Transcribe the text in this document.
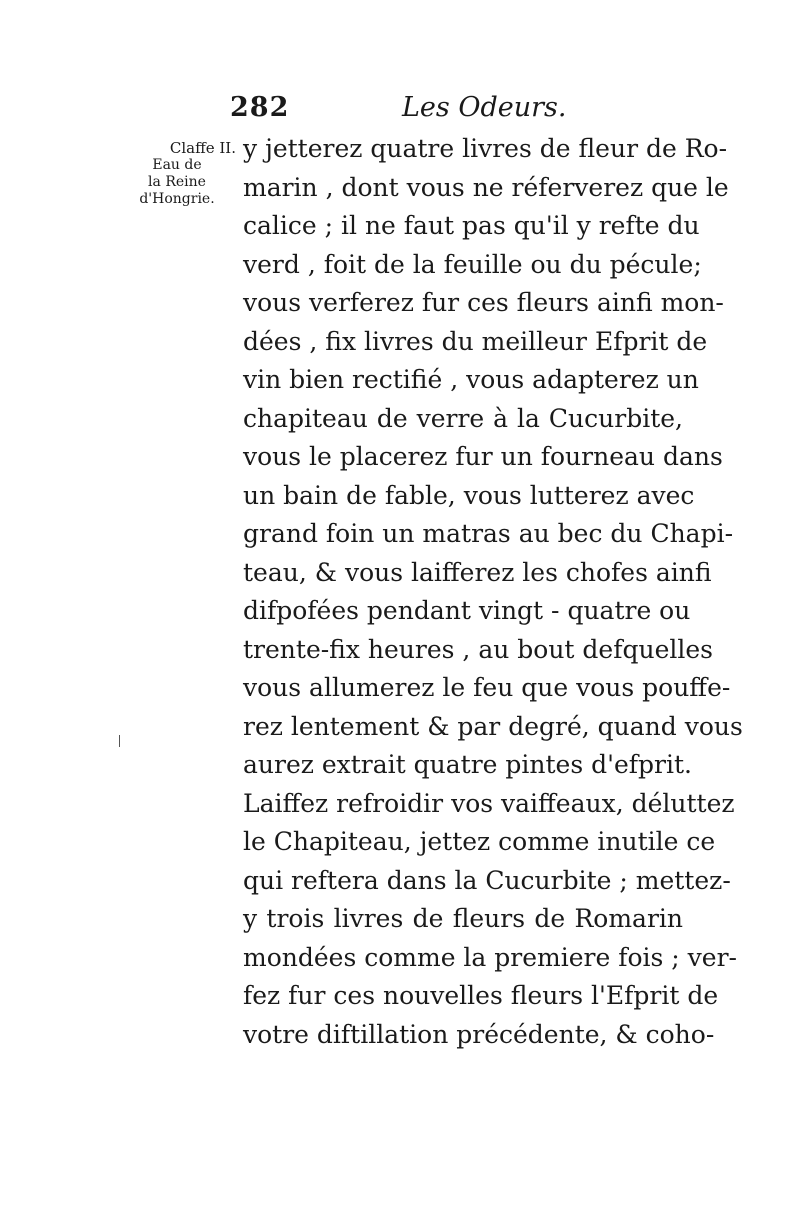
282	Les Odeurs.
Claffe II.
Eau de
la Reine
d'Hongrie.
y jetterez quatre livres de fleur de Ro-
marin , dont vous ne réferverez que le
calice ; il ne faut pas qu'il y refte du
verd , foit de la feuille ou du pécule;
vous verferez fur ces fleurs ainfi mon-
dées , fix livres du meilleur Efprit de
vin bien rectifié , vous adapterez un
chapiteau de verre à la Cucurbite,
vous le placerez fur un fourneau dans
un bain de fable, vous lutterez avec
grand foin un matras au bec du Chapi-
teau, & vous laifferez les chofes ainfi
difpofées pendant vingt - quatre ou
trente-fix heures , au bout defquelles
vous allumerez le feu que vous pouffe-
rez lentement & par degré, quand vous
aurez extrait quatre pintes d'efprit.
Laiffez refroidir vos vaiffeaux, déluttez
le Chapiteau, jettez comme inutile ce
qui reftera dans la Cucurbite ; mettez-
y trois livres de fleurs de Romarin
mondées comme la premiere fois ; ver-
fez fur ces nouvelles fleurs l'Efprit de
votre diftillation précédente, & coho-
